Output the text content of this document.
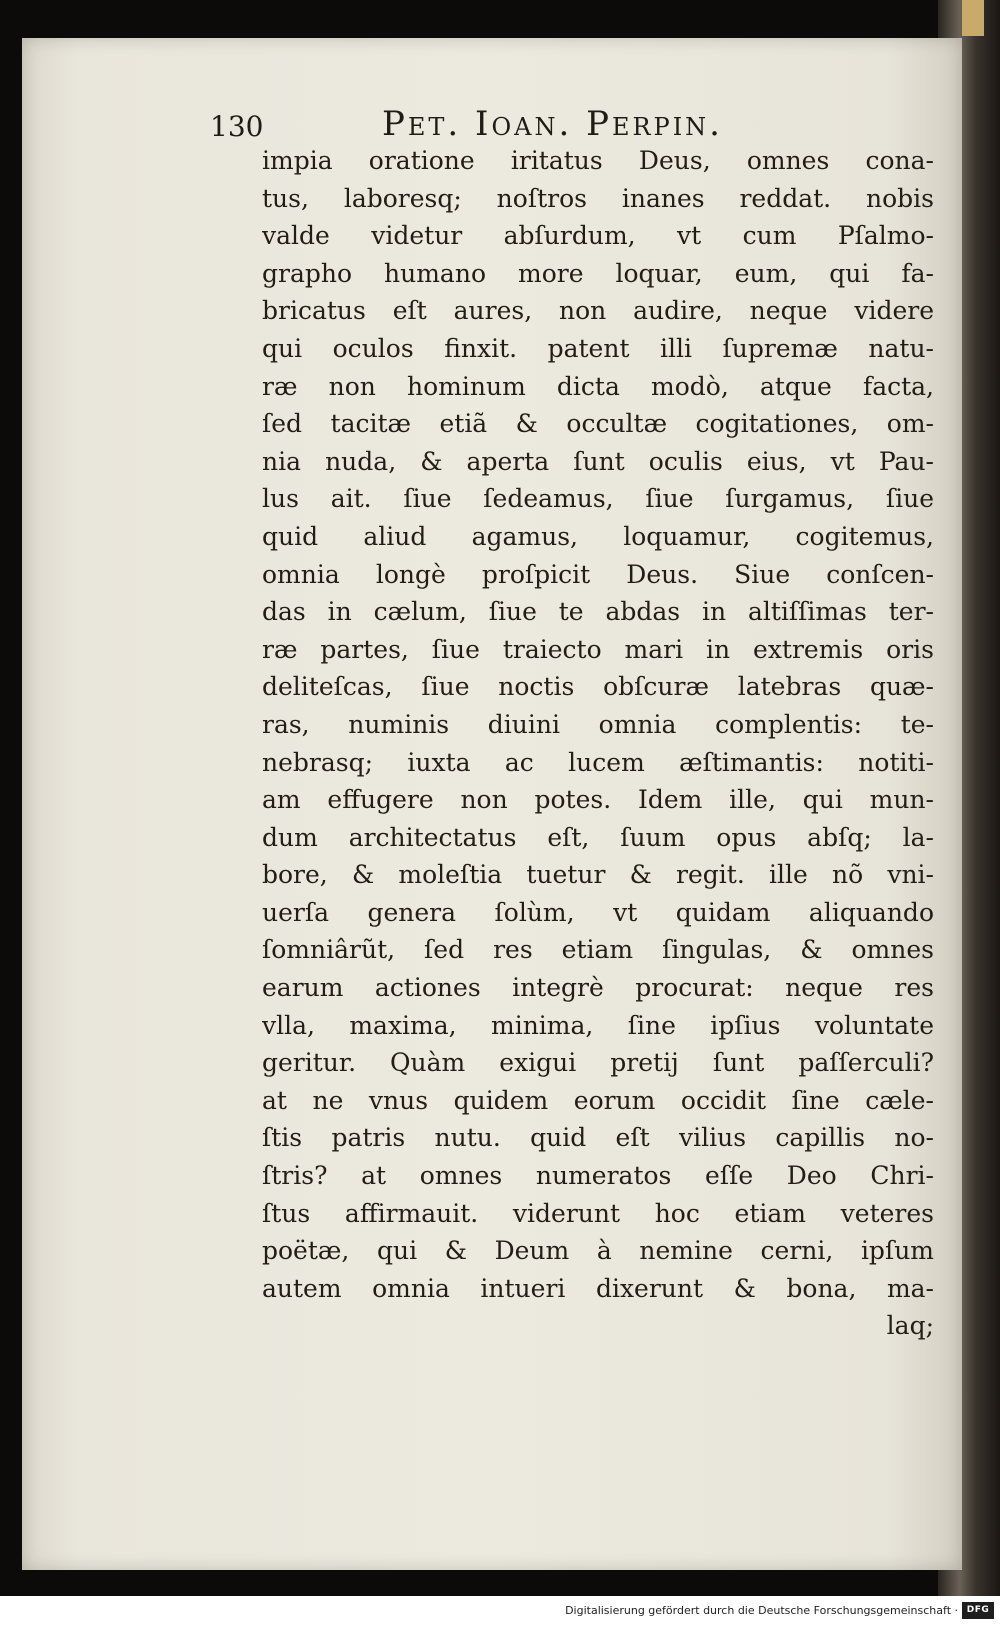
130	Pet. Ioan. Perpin.
impia oratione iritatus Deus, omnes cona-
tus, laboresq; noſtros inanes reddat. nobis
valde videtur abſurdum, vt cum Pſalmo-
grapho humano more loquar, eum, qui fa-
bricatus eſt aures, non audire, neque videre
qui oculos finxit. patent illi ſupremæ natu-
ræ non hominum dicta modò, atque facta,
ſed tacitæ etiã & occultæ cogitationes, om-
nia nuda, & aperta ſunt oculis eius, vt Pau-
lus ait. ſiue ſedeamus, ſiue ſurgamus, ſiue
quid aliud agamus, loquamur, cogitemus,
omnia longè proſpicit Deus. Siue conſcen-
das in cælum, ſiue te abdas in altiſſimas ter-
ræ partes, ſiue traiecto mari in extremis oris
deliteſcas, ſiue noctis obſcuræ latebras quæ-
ras, numinis diuini omnia complentis: te-
nebrasq; iuxta ac lucem æſtimantis: notiti-
am effugere non potes. Idem ille, qui mun-
dum architectatus eſt, ſuum opus abſq; la-
bore, & moleſtia tuetur & regit. ille nõ vni-
uerſa genera ſolùm, vt quidam aliquando
ſomniârũt, ſed res etiam ſingulas, & omnes
earum actiones integrè procurat: neque res
vlla, maxima, minima, ſine ipſius voluntate
geritur. Quàm exigui pretij ſunt paſſerculi?
at ne vnus quidem eorum occidit ſine cæle-
ſtis patris nutu. quid eſt vilius capillis no-
ſtris? at omnes numeratos eſſe Deo Chri-
ſtus affirmauit. viderunt hoc etiam veteres
poëtæ, qui & Deum à nemine cerni, ipſum
autem omnia intueri dixerunt & bona, ma-
laq;
Digitalisierung gefördert durch die Deutsche Forschungsgemeinschaft · DFG
